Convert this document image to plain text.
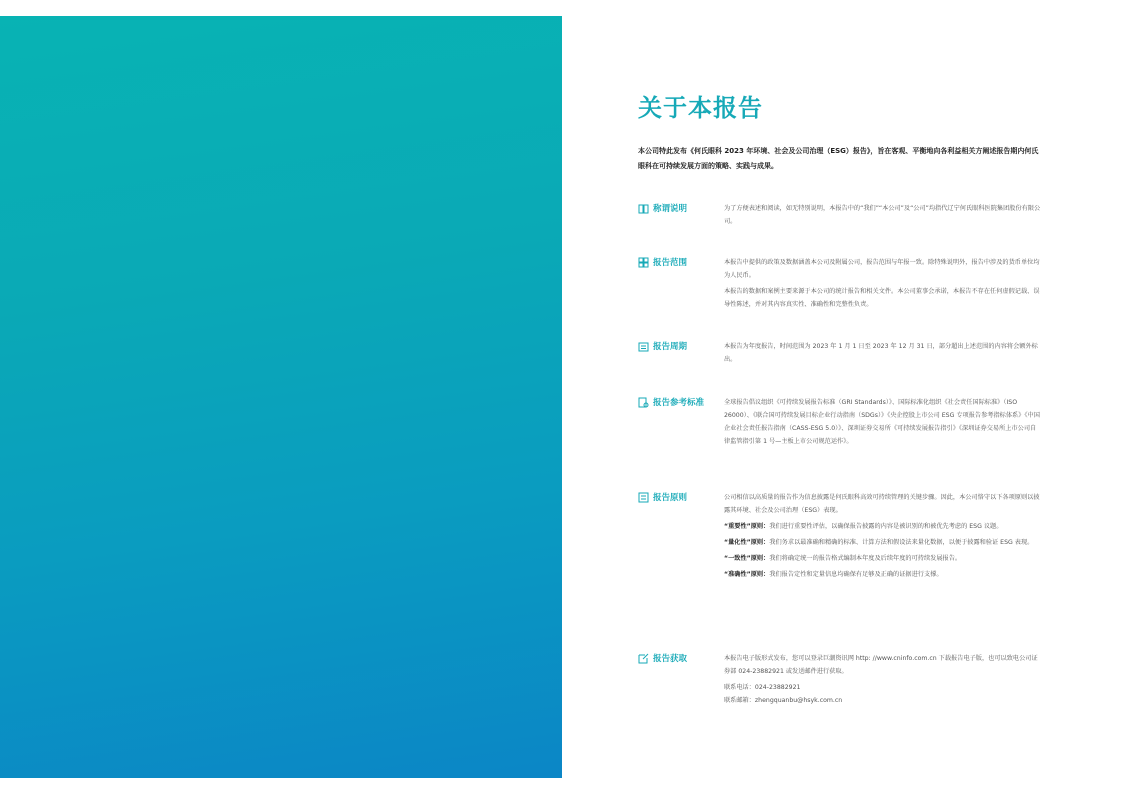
关于本报告
本公司特此发布《何氏眼科 2023 年环境、社会及公司治理（ESG）报告》，旨在客观、平衡地向各利益相关方阐述报告期内何氏眼科在可持续发展方面的策略、实践与成果。
称谓说明	为了方便表述和阅读，如无特别说明，本报告中的“我们”“本公司”及“公司”均指代辽宁何氏眼科医院集团股份有限公司。

报告范围	本报告中提供的政策及数据涵盖本公司及附属公司，报告范围与年报一致。除特殊说明外，报告中涉及的货币单位均为人民币。

本报告的数据和案例主要来源于本公司的统计报告和相关文件。本公司董事会承诺，本报告不存在任何虚假记载、误导性陈述，并对其内容真实性、准确性和完整性负责。

报告周期	本报告为年度报告，时间范围为 2023 年 1 月 1 日至 2023 年 12 月 31 日，部分超出上述范围的内容将会额外标出。

报告参考标准	全球报告倡议组织《可持续发展报告标准（GRI Standards）》、国际标准化组织《社会责任国际标准》（ISO 26000）、《联合国可持续发展目标企业行动指南（SDGs）》《央企控股上市公司 ESG 专项报告参考指标体系》《中国企业社会责任报告指南（CASS-ESG 5.0）》、深圳证券交易所《可持续发展报告指引》《深圳证券交易所上市公司自律监管指引第 1 号—主板上市公司规范运作》。

报告原则	公司相信以高质量的报告作为信息披露是何氏眼科高效可持续管理的关键步骤。因此，本公司恪守以下各项原则以披露其环境、社会及公司治理（ESG）表现。

“重要性”原则： 我们进行重要性评估，以确保报告披露的内容是被识别的和被优先考虑的 ESG 议题。
“量化性”原则： 我们务求以最准确和精确的标准、计算方法和假设法来量化数据，以便于披露和验证 ESG 表现。
“一致性”原则： 我们将确定统一的报告格式编制本年度及后续年度的可持续发展报告。
“准确性”原则： 我们报告定性和定量信息均确保有足够及正确的证据进行支撑。
报告获取	本报告电子版形式发布，您可以登录巨潮资讯网 http: //www.cninfo.com.cn 下载报告电子版，也可以致电公司证券部 024-23882921 或发送邮件进行获取。

联系电话：024-23882921

联系邮箱：zhengquanbu@hsyk.com.cn
